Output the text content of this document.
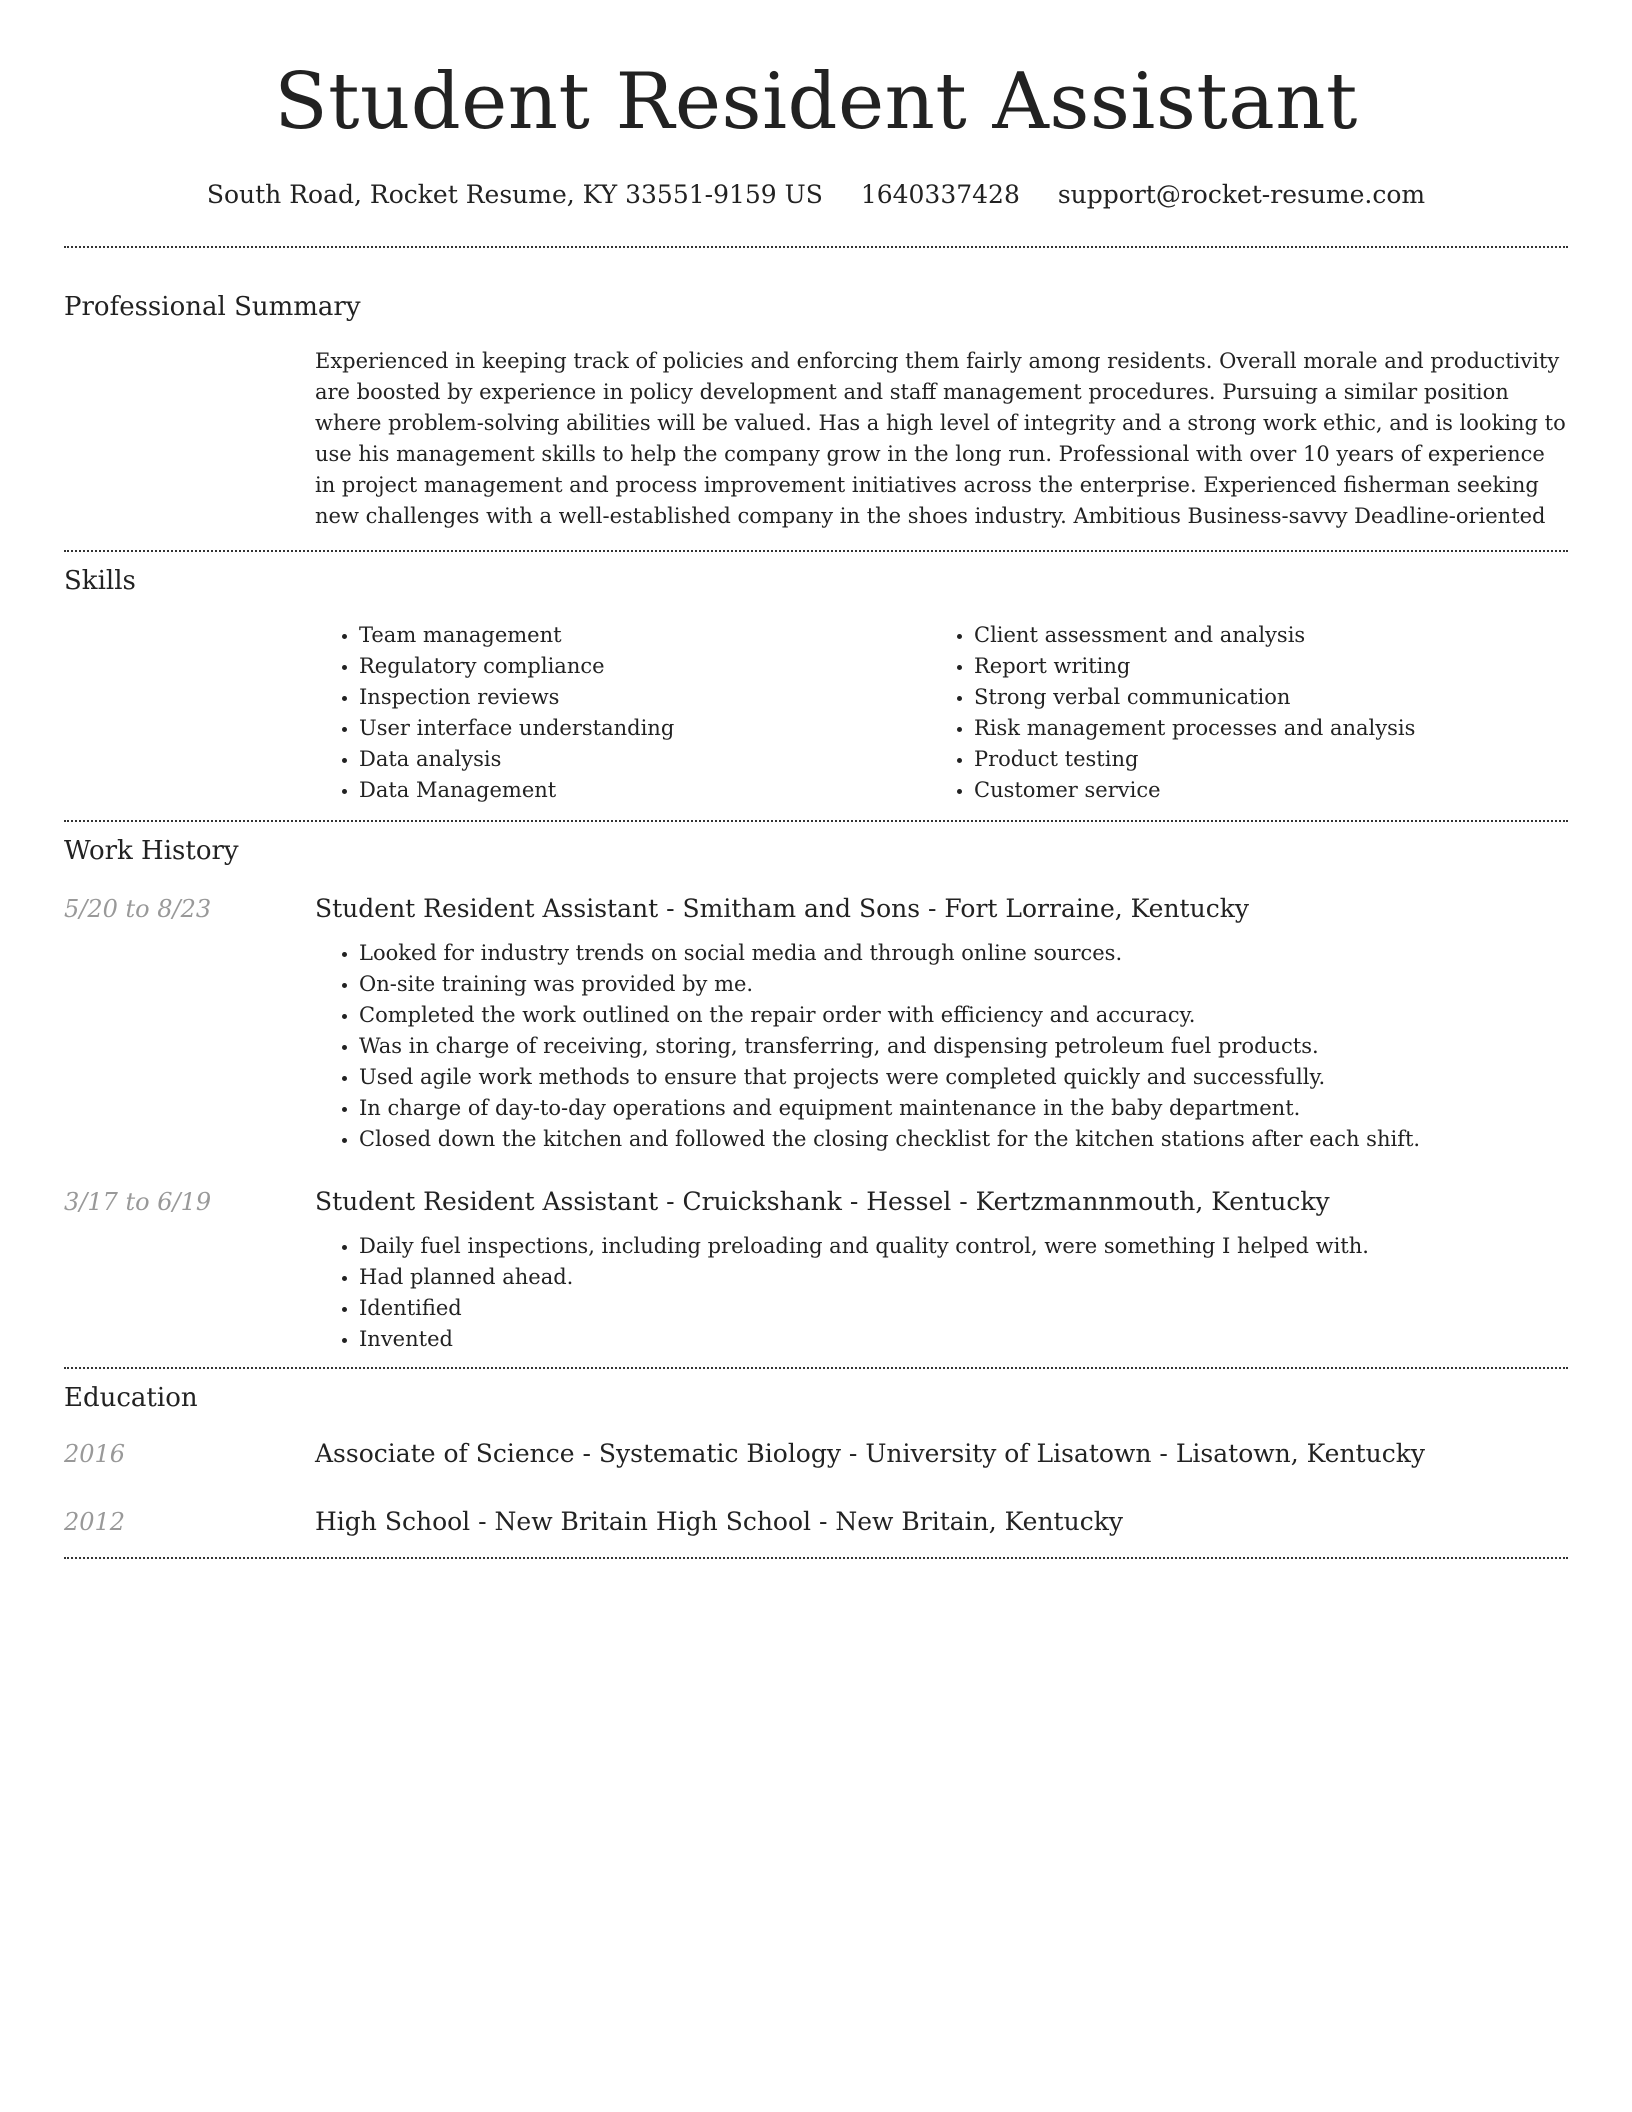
Student Resident Assistant
South Road, Rocket Resume, KY 33551-9159 US 1640337428 support@rocket-resume.com
Professional Summary
Experienced in keeping track of policies and enforcing them fairly among residents. Overall morale and productivity are boosted by experience in policy development and staff management procedures. Pursuing a similar position where problem-solving abilities will be valued. Has a high level of integrity and a strong work ethic, and is looking to use his management skills to help the company grow in the long run. Professional with over 10 years of experience in project management and process improvement initiatives across the enterprise. Experienced fisherman seeking new challenges with a well-established company in the shoes industry. Ambitious Business-savvy Deadline-oriented
Skills
• Team management
• Regulatory compliance
• Inspection reviews
• User interface understanding
• Data analysis
• Data Management
• Client assessment and analysis
• Report writing
• Strong verbal communication
• Risk management processes and analysis
• Product testing
• Customer service
Work History
5/20 to 8/23	Student Resident Assistant - Smitham and Sons - Fort Lorraine, Kentucky
• Looked for industry trends on social media and through online sources.
• On-site training was provided by me.
• Completed the work outlined on the repair order with efficiency and accuracy.
• Was in charge of receiving, storing, transferring, and dispensing petroleum fuel products.
• Used agile work methods to ensure that projects were completed quickly and successfully.
• In charge of day-to-day operations and equipment maintenance in the baby department.
• Closed down the kitchen and followed the closing checklist for the kitchen stations after each shift.
3/17 to 6/19	Student Resident Assistant - Cruickshank - Hessel - Kertzmannmouth, Kentucky
• Daily fuel inspections, including preloading and quality control, were something I helped with.
• Had planned ahead.
• Identified
• Invented
Education
2016	Associate of Science - Systematic Biology - University of Lisatown - Lisatown, Kentucky
2012	High School - New Britain High School - New Britain, Kentucky
